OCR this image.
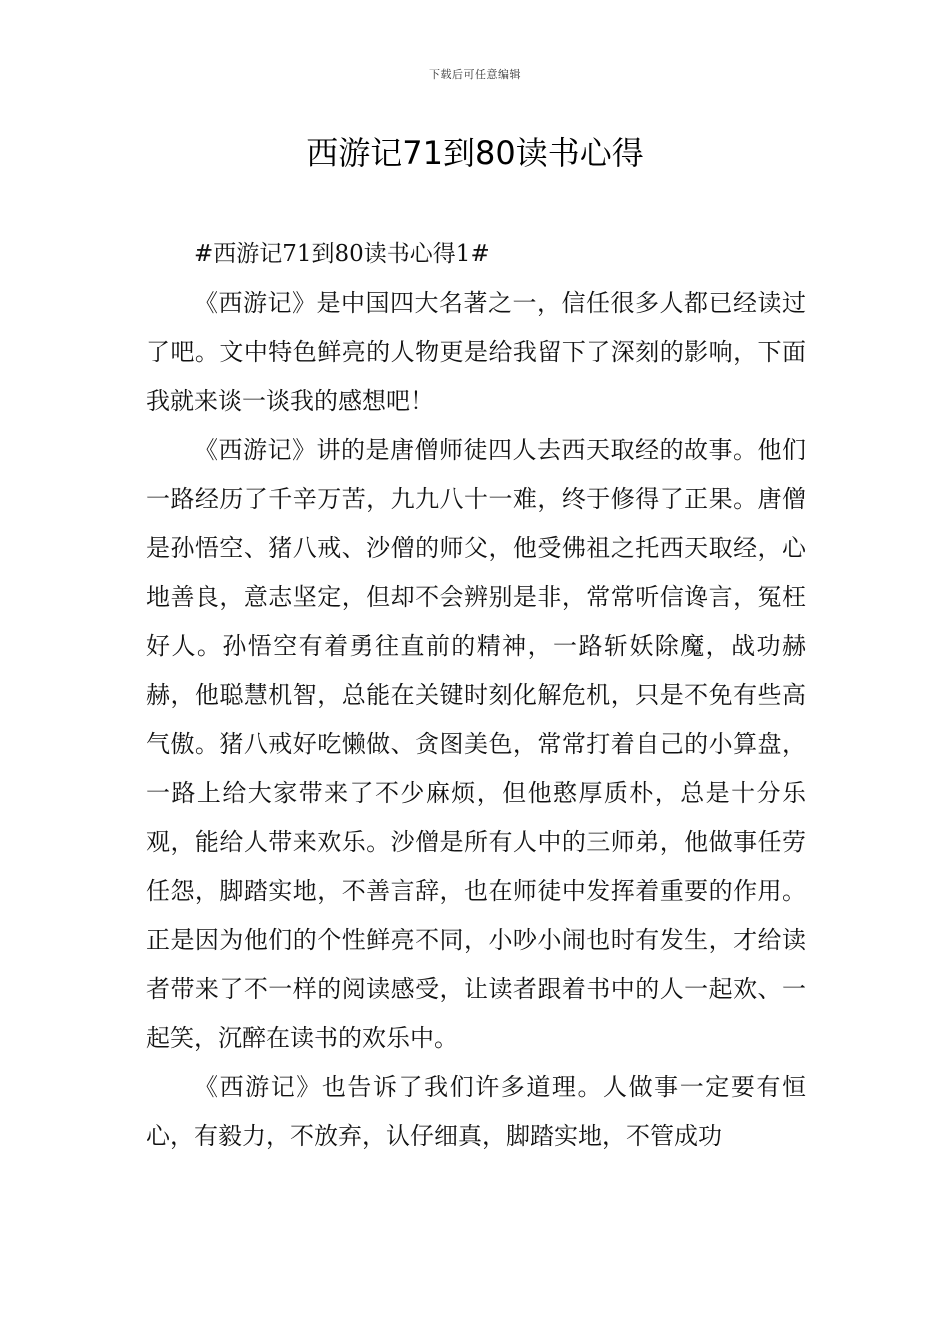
下载后可任意编辑
西游记71到80读书心得

#西游记71到80读书心得1#

《西游记》是中国四大名著之一，信任很多人都已经读过了吧。文中特色鲜亮的人物更是给我留下了深刻的影响，下面我就来谈一谈我的感想吧！

《西游记》讲的是唐僧师徒四人去西天取经的故事。他们一路经历了千辛万苦，九九八十一难，终于修得了正果。唐僧是孙悟空、猪八戒、沙僧的师父，他受佛祖之托西天取经，心地善良，意志坚定，但却不会辨别是非，常常听信谗言，冤枉好人。孙悟空有着勇往直前的精神，一路斩妖除魔，战功赫赫，他聪慧机智，总能在关键时刻化解危机，只是不免有些高气傲。猪八戒好吃懒做、贪图美色，常常打着自己的小算盘，一路上给大家带来了不少麻烦，但他憨厚质朴，总是十分乐观，能给人带来欢乐。沙僧是所有人中的三师弟，他做事任劳任怨，脚踏实地，不善言辞，也在师徒中发挥着重要的作用。正是因为他们的个性鲜亮不同，小吵小闹也时有发生，才给读者带来了不一样的阅读感受，让读者跟着书中的人一起欢、一起笑，沉醉在读书的欢乐中。

《西游记》也告诉了我们许多道理。人做事一定要有恒心，有毅力，不放弃，认仔细真，脚踏实地，不管成功
